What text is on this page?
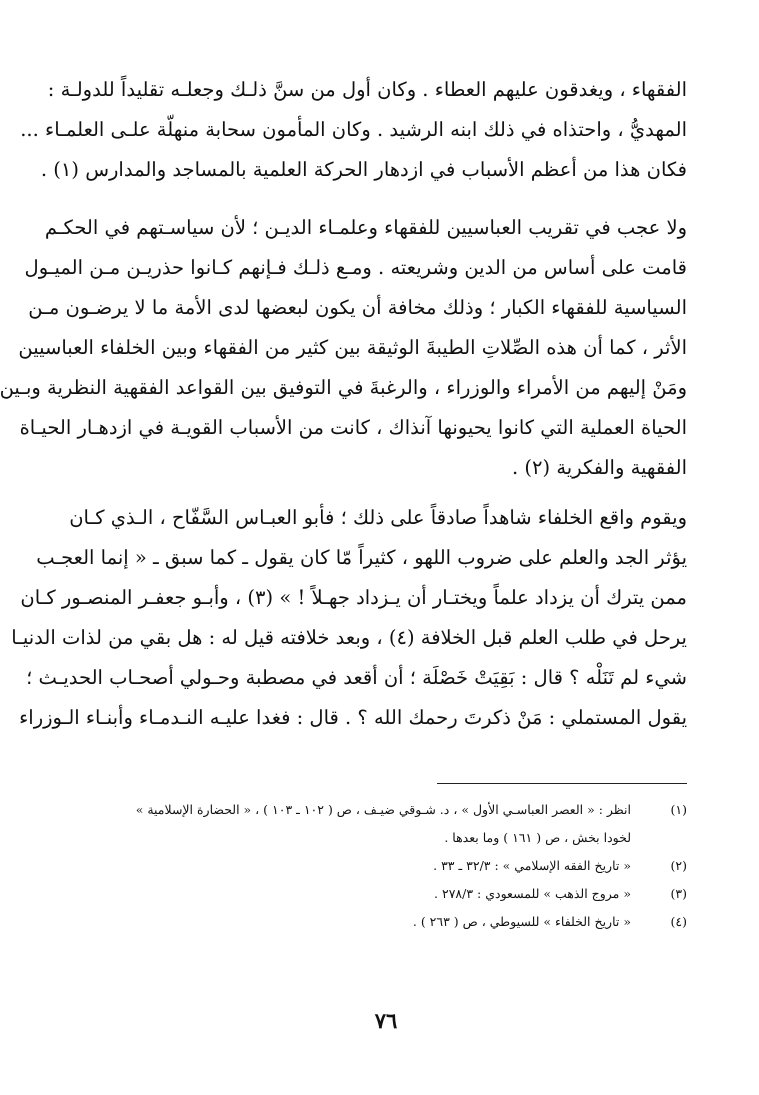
الفقهاء ، ويغدقون عليهم العطاء . وكان أول من سنَّ ذلـك وجعلـه تقليداً للدولـة :
المهديُّ ، واحتذاه في ذلك ابنه الرشيد . وكان المأمون سحابة منهلّة علـى العلمـاء ...
فكان هذا من أعظم الأسباب في ازدهار الحركة العلمية بالمساجد والمدارس (١) .
ولا عجب في تقريب العباسيين للفقهاء وعلمـاء الديـن ؛ لأن سياسـتهم في الحكـم
قامت على أساس من الدين وشريعته . ومـع ذلـك فـإنهم كـانوا حذريـن مـن الميـول
السياسية للفقهاء الكبار ؛ وذلك مخافة أن يكون لبعضها لدى الأمة ما لا يرضـون مـن
الأثر ، كما أن هذه الصِّلاتِ الطيبةَ الوثيقة بين كثير من الفقهاء وبين الخلفاء العباسيين
ومَنْ إليهم من الأمراء والوزراء ، والرغبةَ في التوفيق بين القواعد الفقهية النظرية وبـين
الحياة العملية التي كانوا يحيونها آنذاك ، كانت من الأسباب القويـة في ازدهـار الحيـاة
الفقهية والفكرية (٢) .
ويقوم واقع الخلفاء شاهداً صادقاً على ذلك ؛ فأبو العبـاس السَّفّاح ، الـذي كـان
يؤثر الجد والعلم على ضروب اللهو ، كثيراً مّا كان يقول ـ كما سبق ـ « إنما العجـب
ممن يترك أن يزداد علماً ويختـار أن يـزداد جهـلاً ! » (٣) ، وأبـو جعفـر المنصـور كـان
يرحل في طلب العلم قبل الخلافة (٤) ، وبعد خلافته قيل له : هل بقي من لذات الدنيـا
شيء لم تَنَلْه ؟ قال : بَقِيَتْ خَصْلَة ؛ أن أقعد في مصطبة وحـولي أصحـاب الحديـث ؛
يقول المستملي : مَنْ ذكرتَ رحمك الله ؟ . قال : فغدا عليـه النـدمـاء وأبنـاء الـوزراء
(١)
انظر : « العصر العباسـي الأول » ، د. شـوقي ضيـف ، ص ( ١٠٢ ـ ١٠٣ ) ، « الحضارة الإسلامية »
لخودا بخش ، ص ( ١٦١ ) وما بعدها .
(٢)
« تاريخ الفقه الإسلامي » : ٣٢/٣ ـ ٣٣ .
(٣)
« مروج الذهب » للمسعودي : ٢٧٨/٣ .
(٤)
« تاريخ الخلفاء » للسيوطي ، ص ( ٢٦٣ ) .
٧٦
